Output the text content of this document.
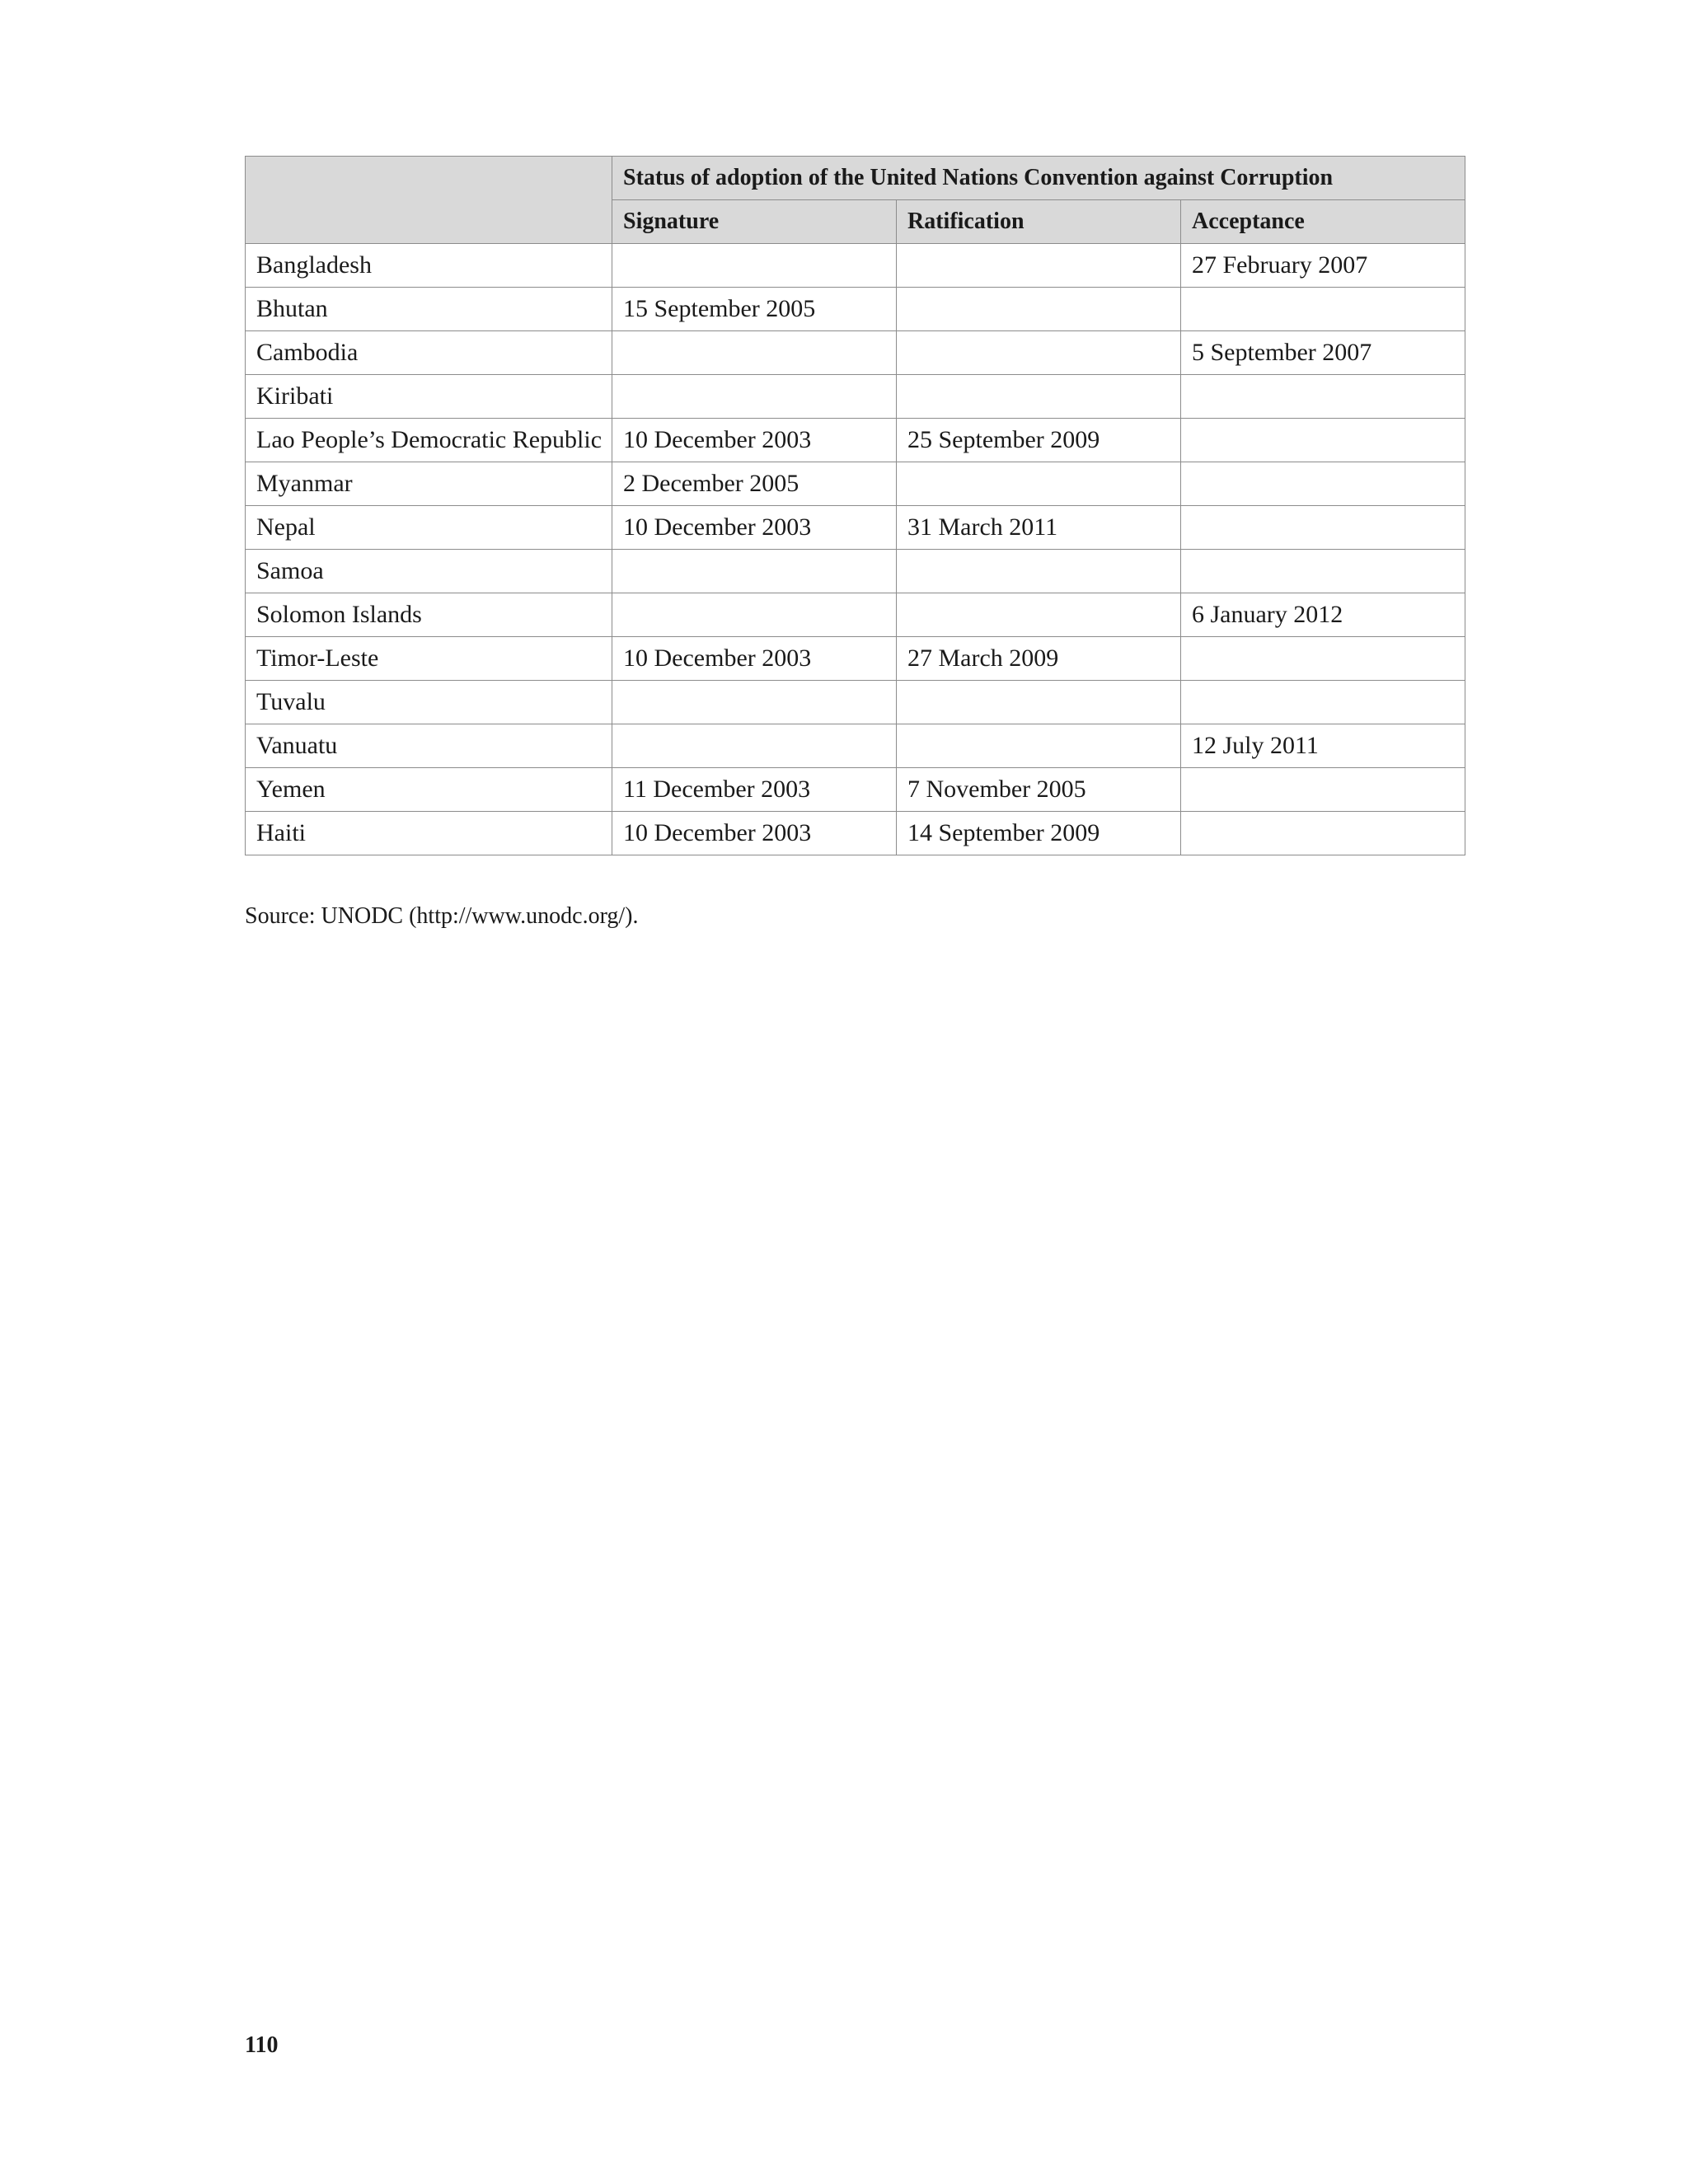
	Status of adoption of the United Nations Convention against Corruption		
	Signature	Ratification	Acceptance
Bangladesh			27 February 2007
Bhutan	15 September 2005		
Cambodia			5 September 2007
Kiribati			
Lao People’s Democratic Republic	10 December 2003	25 September 2009	
Myanmar	2 December 2005		
Nepal	10 December 2003	31 March 2011	
Samoa			
Solomon Islands			6 January 2012
Timor-Leste	10 December 2003	27 March 2009	
Tuvalu			
Vanuatu			12 July 2011
Yemen	11 December 2003	7 November 2005	
Haiti	10 December 2003	14 September 2009	
Source: UNODC (http://www.unodc.org/).
110
